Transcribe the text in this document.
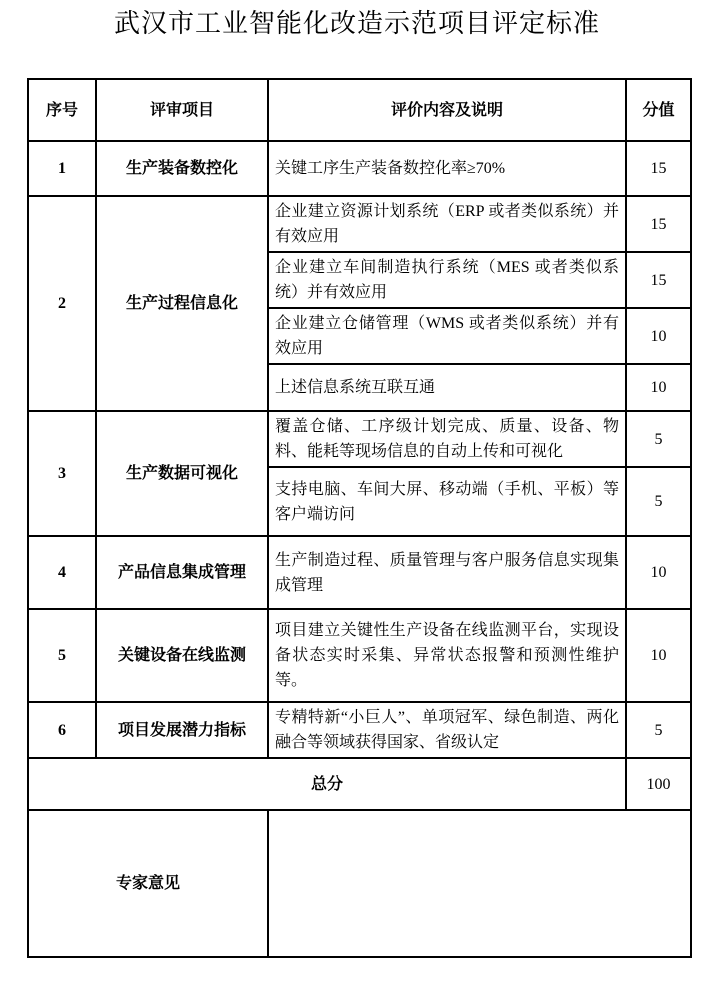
武汉市工业智能化改造示范项目评定标准
序号	评审项目	评价内容及说明	分值
1	生产装备数控化	关键工序生产装备数控化率≥70%	15
2	生产过程信息化	企业建立资源计划系统（ERP 或者类似系统）并有效应用	15
		企业建立车间制造执行系统（MES 或者类似系统）并有效应用	15
		企业建立仓储管理（WMS 或者类似系统）并有效应用	10
		上述信息系统互联互通	10
3	生产数据可视化	覆盖仓储、工序级计划完成、质量、设备、物料、能耗等现场信息的自动上传和可视化	5
		支持电脑、车间大屏、移动端（手机、平板）等客户端访问	5
4	产品信息集成管理	生产制造过程、质量管理与客户服务信息实现集成管理	10
5	关键设备在线监测	项目建立关键性生产设备在线监测平台，实现设备状态实时采集、异常状态报警和预测性维护等。	10
6	项目发展潜力指标	专精特新“小巨人”、单项冠军、绿色制造、两化融合等领域获得国家、省级认定	5
总分			100
专家意见			
